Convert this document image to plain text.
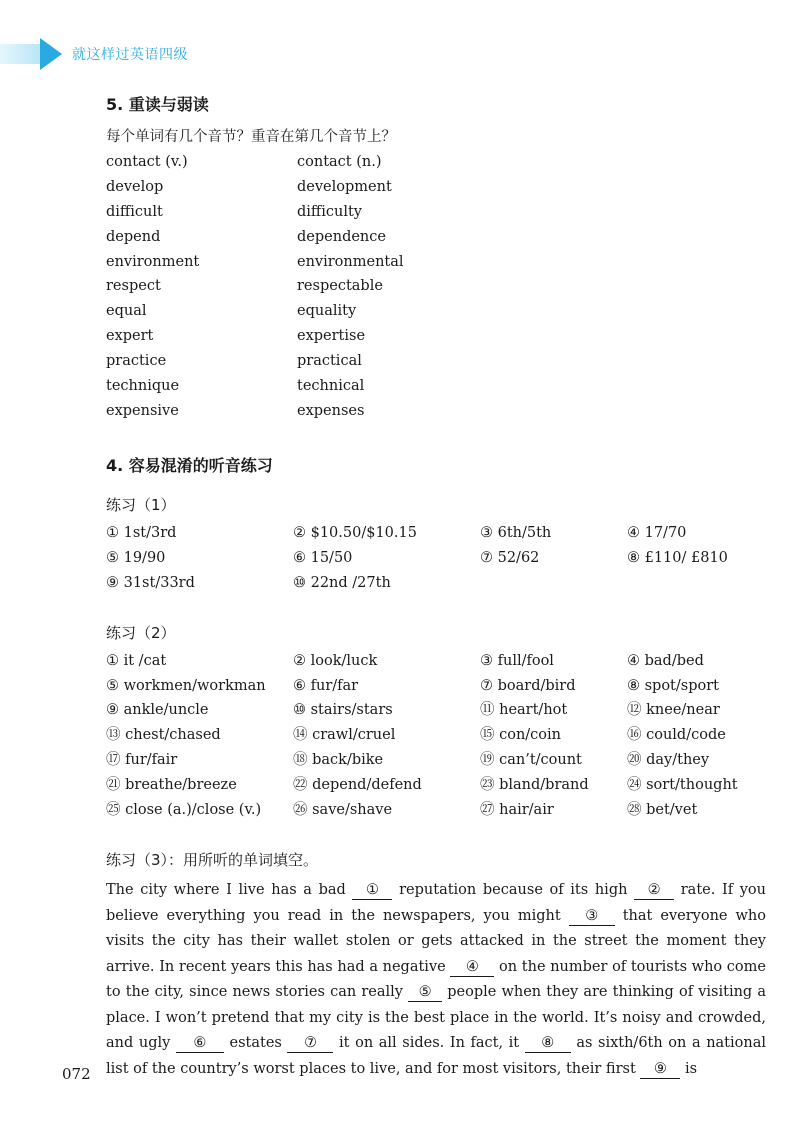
就这样过英语四级
5. 重读与弱读
每个单词有几个音节？重音在第几个音节上？
contact (v.)	contact (n.)
develop	development
difficult	difficulty
depend	dependence
environment	environmental
respect	respectable
equal	equality
expert	expertise
practice	practical
technique	technical
expensive	expenses
4. 容易混淆的听音练习
练习（1）
① 1st/3rd	② $10.50/$10.15	③ 6th/5th	④ 17/70
⑤ 19/90	⑥ 15/50	⑦ 52/62	⑧ £110/ £810
⑨ 31st/33rd	⑩ 22nd /27th
练习（2）
① it /cat	② look/luck	③ full/fool	④ bad/bed
⑤ workmen/workman	⑥ fur/far	⑦ board/bird	⑧ spot/sport
⑨ ankle/uncle	⑩ stairs/stars	⑪ heart/hot	⑫ knee/near
⑬ chest/chased	⑭ crawl/cruel	⑮ con/coin	⑯ could/code
⑰ fur/fair	⑱ back/bike	⑲ can’t/count	⑳ day/they
㉑ breathe/breeze	㉒ depend/defend	㉓ bland/brand	㉔ sort/thought
㉕ close (a.)/close (v.)	㉖ save/shave	㉗ hair/air	㉘ bet/vet
练习（3）：用所听的单词填空。
The city where I live has a bad ① reputation because of its high ② rate. If you believe everything you read in the newspapers, you might ③ that everyone who visits the city has their wallet stolen or gets attacked in the street the moment they arrive. In recent years this has had a negative ④ on the number of tourists who come to the city, since news stories can really ⑤ people when they are thinking of visiting a place. I won’t pretend that my city is the best place in the world. It’s noisy and crowded, and ugly ⑥ estates ⑦ it on all sides. In fact, it ⑧ as sixth/6th on a national list of the country’s worst places to live, and for most visitors, their first ⑨ is
072
